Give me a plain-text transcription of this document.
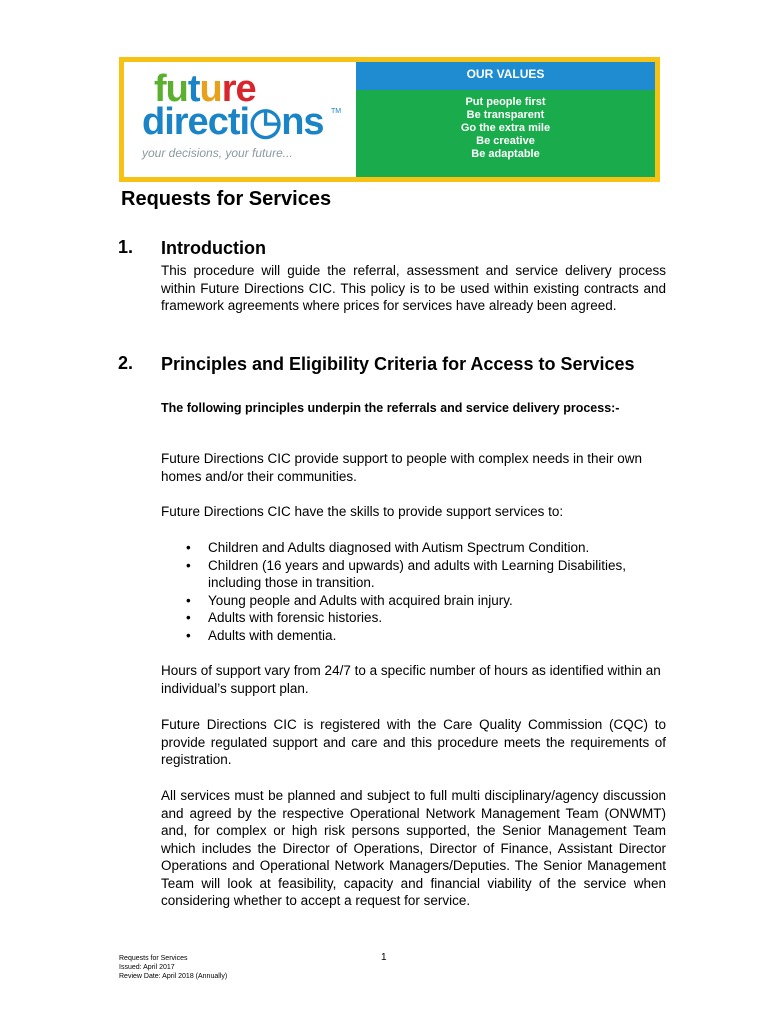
future
directi◷ns TM
your decisions, your future...
OUR VALUES
Put people first
Be transparent
Go the extra mile
Be creative
Be adaptable
Requests for Services
1. Introduction
This procedure will guide the referral, assessment and service delivery process within Future Directions CIC. This policy is to be used within existing contracts and framework agreements where prices for services have already been agreed.
2. Principles and Eligibility Criteria for Access to Services
The following principles underpin the referrals and service delivery process:-
Future Directions CIC provide support to people with complex needs in their own homes and/or their communities.
Future Directions CIC have the skills to provide support services to:
• Children and Adults diagnosed with Autism Spectrum Condition.
• Children (16 years and upwards) and adults with Learning Disabilities, including those in transition.
• Young people and Adults with acquired brain injury.
• Adults with forensic histories.
• Adults with dementia.
Hours of support vary from 24/7 to a specific number of hours as identified within an individual’s support plan.
Future Directions CIC is registered with the Care Quality Commission (CQC) to provide regulated support and care and this procedure meets the requirements of registration.
All services must be planned and subject to full multi disciplinary/agency discussion and agreed by the respective Operational Network Management Team (ONWMT) and, for complex or high risk persons supported, the Senior Management Team which includes the Director of Operations, Director of Finance, Assistant Director Operations and Operational Network Managers/Deputies. The Senior Management Team will look at feasibility, capacity and financial viability of the service when considering whether to accept a request for service.
Requests for Services
Issued: April 2017
Review Date: April 2018 (Annually)
1
